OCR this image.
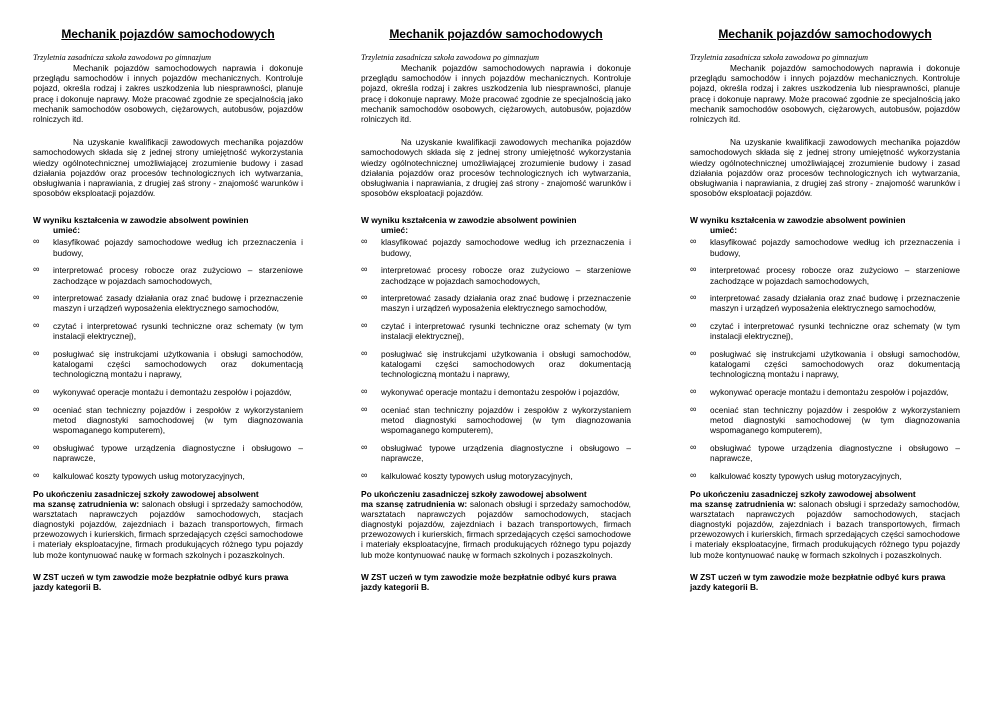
Mechanik pojazdów samochodowych
Trzyletnia zasadnicza szkoła zawodowa po gimnazjum

Mechanik pojazdów samochodowych naprawia i dokonuje przeglądu samochodów i innych pojazdów mechanicznych. Kontroluje pojazd, określa rodzaj i zakres uszkodzenia lub niesprawności, planuje pracę i dokonuje naprawy. Może pracować zgodnie ze specjalnością jako mechanik samochodów osobowych, ciężarowych, autobusów, pojazdów rolniczych itd.

Na uzyskanie kwalifikacji zawodowych mechanika pojazdów samochodowych składa się z jednej strony umiejętność wykorzystania wiedzy ogólnotechnicznej umożliwiającej zrozumienie budowy i zasad działania pojazdów oraz procesów technologicznych ich wytwarzania, obsługiwania i naprawiania, z drugiej zaś strony - znajomość warunków i sposobów eksploatacji pojazdów.

W wyniku kształcenia w zawodzie absolwent powinien
umieć:
∞ klasyfikować pojazdy samochodowe według ich przeznaczenia i budowy,
∞ interpretować procesy robocze oraz zużyciowo – starzeniowe zachodzące w pojazdach samochodowych,
∞ interpretować zasady działania oraz znać budowę i przeznaczenie maszyn i urządzeń wyposażenia elektrycznego samochodów,
∞ czytać i interpretować rysunki techniczne oraz schematy (w tym instalacji elektrycznej),
∞ posługiwać się instrukcjami użytkowania i obsługi samochodów, katalogami części samochodowych oraz dokumentacją technologiczną montażu i naprawy,
∞ wykonywać operacje montażu i demontażu zespołów i pojazdów,
∞ oceniać stan techniczny pojazdów i zespołów z wykorzystaniem metod diagnostyki samochodowej (w tym diagnozowania wspomaganego komputerem),
∞ obsługiwać typowe urządzenia diagnostyczne i obsługowo – naprawcze,
∞ kalkulować koszty typowych usług motoryzacyjnych,
Po ukończeniu zasadniczej szkoły zawodowej absolwent
ma szansę zatrudnienia w: salonach obsługi i sprzedaży samochodów, warsztatach naprawczych pojazdów samochodowych, stacjach diagnostyki pojazdów, zajezdniach i bazach transportowych, firmach przewozowych i kurierskich, firmach sprzedających części samochodowe i materiały eksploatacyjne, firmach produkujących różnego typu pojazdy lub może kontynuować naukę w formach szkolnych i pozaszkolnych.
W ZST uczeń w tym zawodzie może bezpłatnie odbyć kurs prawa jazdy kategorii B.
Mechanik pojazdów samochodowych
Trzyletnia zasadnicza szkoła zawodowa po gimnazjum

Mechanik pojazdów samochodowych naprawia i dokonuje przeglądu samochodów i innych pojazdów mechanicznych. Kontroluje pojazd, określa rodzaj i zakres uszkodzenia lub niesprawności, planuje pracę i dokonuje naprawy. Może pracować zgodnie ze specjalnością jako mechanik samochodów osobowych, ciężarowych, autobusów, pojazdów rolniczych itd.

Na uzyskanie kwalifikacji zawodowych mechanika pojazdów samochodowych składa się z jednej strony umiejętność wykorzystania wiedzy ogólnotechnicznej umożliwiającej zrozumienie budowy i zasad działania pojazdów oraz procesów technologicznych ich wytwarzania, obsługiwania i naprawiania, z drugiej zaś strony - znajomość warunków i sposobów eksploatacji pojazdów.

W wyniku kształcenia w zawodzie absolwent powinien
umieć:
∞ klasyfikować pojazdy samochodowe według ich przeznaczenia i budowy,
∞ interpretować procesy robocze oraz zużyciowo – starzeniowe zachodzące w pojazdach samochodowych,
∞ interpretować zasady działania oraz znać budowę i przeznaczenie maszyn i urządzeń wyposażenia elektrycznego samochodów,
∞ czytać i interpretować rysunki techniczne oraz schematy (w tym instalacji elektrycznej),
∞ posługiwać się instrukcjami użytkowania i obsługi samochodów, katalogami części samochodowych oraz dokumentacją technologiczną montażu i naprawy,
∞ wykonywać operacje montażu i demontażu zespołów i pojazdów,
∞ oceniać stan techniczny pojazdów i zespołów z wykorzystaniem metod diagnostyki samochodowej (w tym diagnozowania wspomaganego komputerem),
∞ obsługiwać typowe urządzenia diagnostyczne i obsługowo – naprawcze,
∞ kalkulować koszty typowych usług motoryzacyjnych,
Po ukończeniu zasadniczej szkoły zawodowej absolwent
ma szansę zatrudnienia w: salonach obsługi i sprzedaży samochodów, warsztatach naprawczych pojazdów samochodowych, stacjach diagnostyki pojazdów, zajezdniach i bazach transportowych, firmach przewozowych i kurierskich, firmach sprzedających części samochodowe i materiały eksploatacyjne, firmach produkujących różnego typu pojazdy lub może kontynuować naukę w formach szkolnych i pozaszkolnych.
W ZST uczeń w tym zawodzie może bezpłatnie odbyć kurs prawa jazdy kategorii B.
Mechanik pojazdów samochodowych
Trzyletnia zasadnicza szkoła zawodowa po gimnazjum

Mechanik pojazdów samochodowych naprawia i dokonuje przeglądu samochodów i innych pojazdów mechanicznych. Kontroluje pojazd, określa rodzaj i zakres uszkodzenia lub niesprawności, planuje pracę i dokonuje naprawy. Może pracować zgodnie ze specjalnością jako mechanik samochodów osobowych, ciężarowych, autobusów, pojazdów rolniczych itd.

Na uzyskanie kwalifikacji zawodowych mechanika pojazdów samochodowych składa się z jednej strony umiejętność wykorzystania wiedzy ogólnotechnicznej umożliwiającej zrozumienie budowy i zasad działania pojazdów oraz procesów technologicznych ich wytwarzania, obsługiwania i naprawiania, z drugiej zaś strony - znajomość warunków i sposobów eksploatacji pojazdów.

W wyniku kształcenia w zawodzie absolwent powinien
umieć:
∞ klasyfikować pojazdy samochodowe według ich przeznaczenia i budowy,
∞ interpretować procesy robocze oraz zużyciowo – starzeniowe zachodzące w pojazdach samochodowych,
∞ interpretować zasady działania oraz znać budowę i przeznaczenie maszyn i urządzeń wyposażenia elektrycznego samochodów,
∞ czytać i interpretować rysunki techniczne oraz schematy (w tym instalacji elektrycznej),
∞ posługiwać się instrukcjami użytkowania i obsługi samochodów, katalogami części samochodowych oraz dokumentacją technologiczną montażu i naprawy,
∞ wykonywać operacje montażu i demontażu zespołów i pojazdów,
∞ oceniać stan techniczny pojazdów i zespołów z wykorzystaniem metod diagnostyki samochodowej (w tym diagnozowania wspomaganego komputerem),
∞ obsługiwać typowe urządzenia diagnostyczne i obsługowo – naprawcze,
∞ kalkulować koszty typowych usług motoryzacyjnych,
Po ukończeniu zasadniczej szkoły zawodowej absolwent
ma szansę zatrudnienia w: salonach obsługi i sprzedaży samochodów, warsztatach naprawczych pojazdów samochodowych, stacjach diagnostyki pojazdów, zajezdniach i bazach transportowych, firmach przewozowych i kurierskich, firmach sprzedających części samochodowe i materiały eksploatacyjne, firmach produkujących różnego typu pojazdy lub może kontynuować naukę w formach szkolnych i pozaszkolnych.
W ZST uczeń w tym zawodzie może bezpłatnie odbyć kurs prawa jazdy kategorii B.
